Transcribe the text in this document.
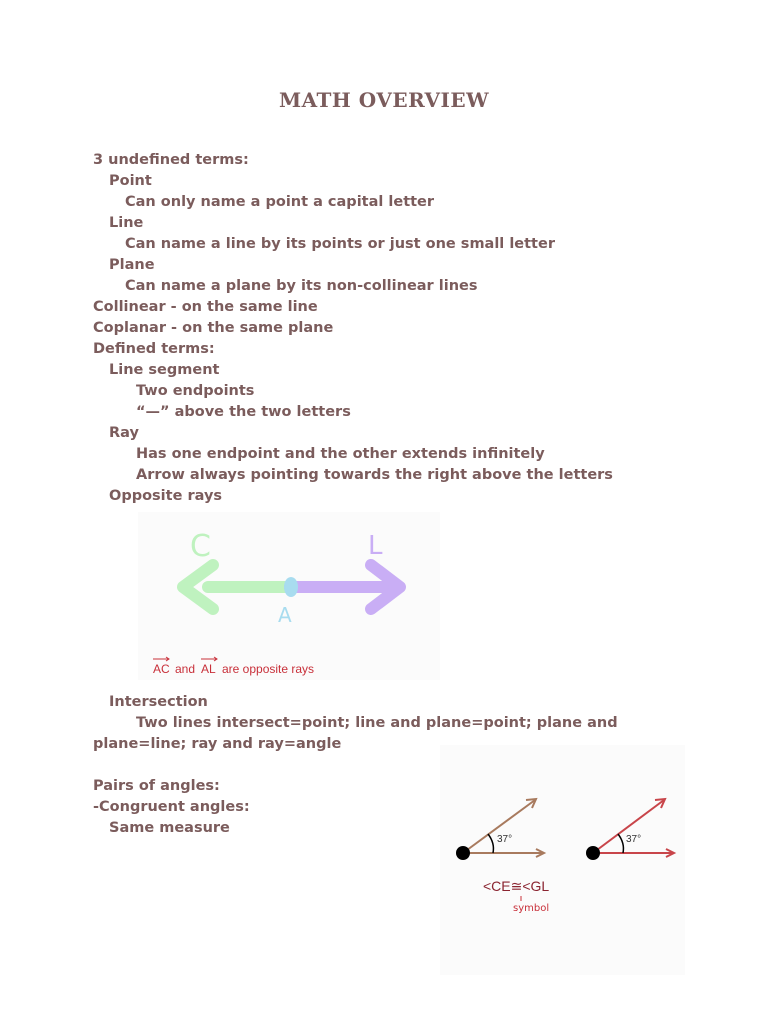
MATH OVERVIEW
3 undefined terms:
Point
Can only name a point a capital letter
Line
Can name a line by its points or just one small letter
Plane
Can name a plane by its non-collinear lines
Collinear - on the same line
Coplanar - on the same plane
Defined terms:
Line segment
Two endpoints
“—” above the two letters
Ray
Has one endpoint and the other extends infinitely
Arrow always pointing towards the right above the letters
Opposite rays
C	L
A
AC and AL are opposite rays
Intersection
Two lines intersect=point; line and plane=point; plane and
plane=line; ray and ray=angle
Pairs of angles:
-Congruent angles:
Same measure
37°	37°
<CE≅<GL
symbol
